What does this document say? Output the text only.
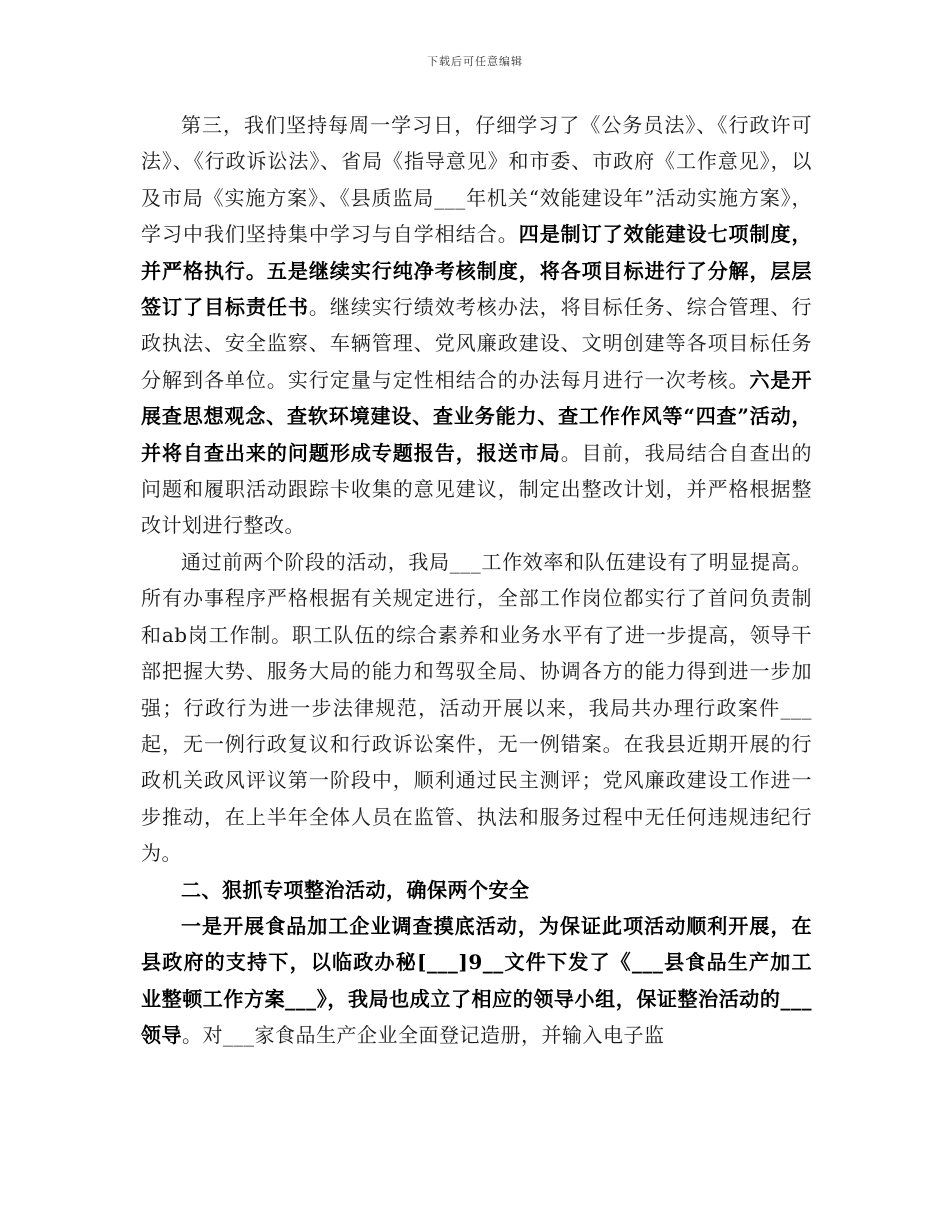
下载后可任意编辑

第三，我们坚持每周一学习日，仔细学习了《公务员法》、《行政许可法》、《行政诉讼法》、省局《指导意见》和市委、市政府《工作意见》，以及市局《实施方案》、《县质监局___年机关“效能建设年”活动实施方案》，学习中我们坚持集中学习与自学相结合。四是制订了效能建设七项制度，并严格执行。五是继续实行纯净考核制度，将各项目标进行了分解，层层签订了目标责任书。继续实行绩效考核办法，将目标任务、综合管理、行政执法、安全监察、车辆管理、党风廉政建设、文明创建等各项目标任务分解到各单位。实行定量与定性相结合的办法每月进行一次考核。六是开展查思想观念、查软环境建设、查业务能力、查工作作风等“四查”活动，并将自查出来的问题形成专题报告，报送市局。目前，我局结合自查出的问题和履职活动跟踪卡收集的意见建议，制定出整改计划，并严格根据整改计划进行整改。

通过前两个阶段的活动，我局___工作效率和队伍建设有了明显提高。所有办事程序严格根据有关规定进行，全部工作岗位都实行了首问负责制和ab岗工作制。职工队伍的综合素养和业务水平有了进一步提高，领导干部把握大势、服务大局的能力和驾驭全局、协调各方的能力得到进一步加强；行政行为进一步法律规范，活动开展以来，我局共办理行政案件___起，无一例行政复议和行政诉讼案件，无一例错案。在我县近期开展的行政机关政风评议第一阶段中，顺利通过民主测评；党风廉政建设工作进一步推动，在上半年全体人员在监管、执法和服务过程中无任何违规违纪行为。

二、狠抓专项整治活动，确保两个安全

一是开展食品加工企业调查摸底活动，为保证此项活动顺利开展，在县政府的支持下，以临政办秘[___]9__文件下发了《___县食品生产加工业整顿工作方案___》，我局也成立了相应的领导小组，保证整治活动的___领导。对___家食品生产企业全面登记造册，并输入电子监
